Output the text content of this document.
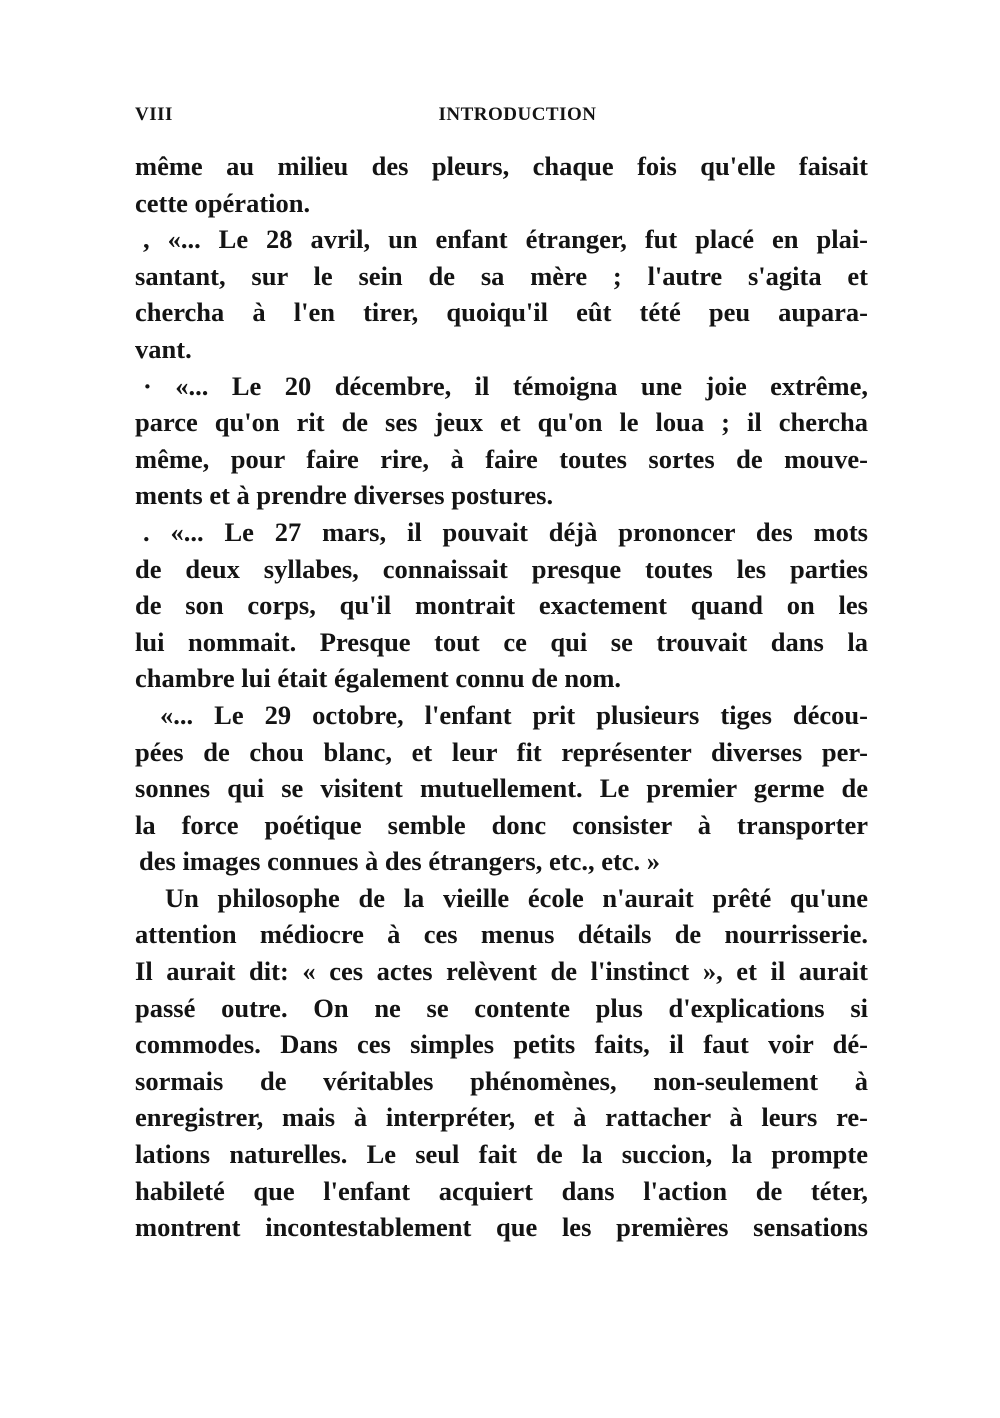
VIII	INTRODUCTION
même au milieu des pleurs, chaque fois qu'elle faisait
cette opération.
, «... Le 28 avril, un enfant étranger, fut placé en plai-
santant, sur le sein de sa mère ; l'autre s'agita et
chercha à l'en tirer, quoiqu'il eût tété peu aupara-
vant.
· «... Le 20 décembre, il témoigna une joie extrême,
parce qu'on rit de ses jeux et qu'on le loua ; il chercha
même, pour faire rire, à faire toutes sortes de mouve-
ments et à prendre diverses postures.
. «... Le 27 mars, il pouvait déjà prononcer des mots
de deux syllabes, connaissait presque toutes les parties
de son corps, qu'il montrait exactement quand on les
lui nommait. Presque tout ce qui se trouvait dans la
chambre lui était également connu de nom.
«... Le 29 octobre, l'enfant prit plusieurs tiges décou-
pées de chou blanc, et leur fit représenter diverses per-
sonnes qui se visitent mutuellement. Le premier germe de
la force poétique semble donc consister à transporter
des images connues à des étrangers, etc., etc. »
Un philosophe de la vieille école n'aurait prêté qu'une
attention médiocre à ces menus détails de nourrisserie.
Il aurait dit: « ces actes relèvent de l'instinct », et il aurait
passé outre. On ne se contente plus d'explications si
commodes. Dans ces simples petits faits, il faut voir dé-
sormais de véritables phénomènes, non-seulement à
enregistrer, mais à interpréter, et à rattacher à leurs re-
lations naturelles. Le seul fait de la succion, la prompte
habileté que l'enfant acquiert dans l'action de téter,
montrent incontestablement que les premières sensations
